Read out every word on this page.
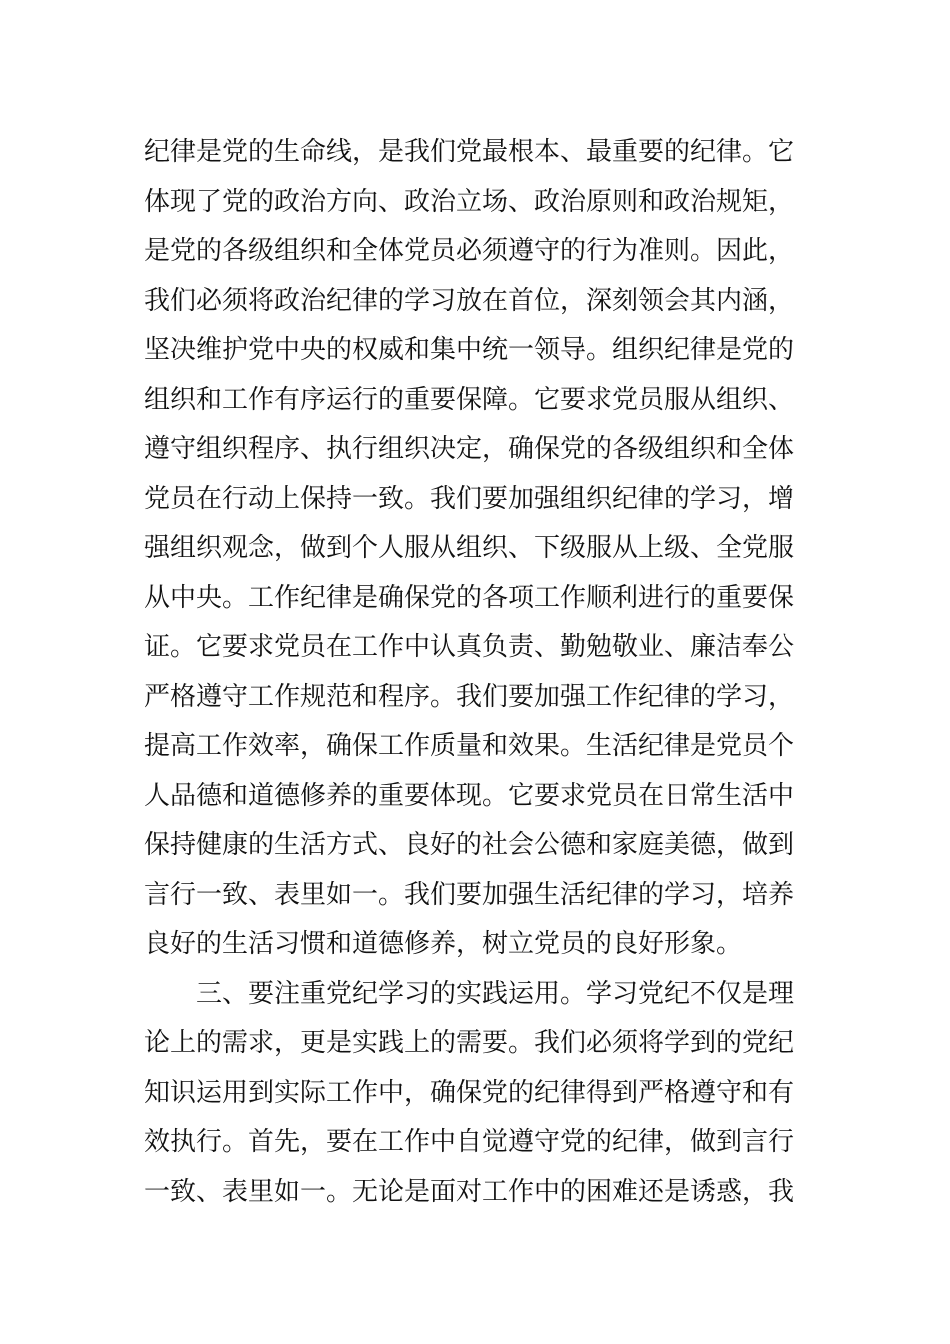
纪律是党的生命线，是我们党最根本、最重要的纪律。它
体现了党的政治方向、政治立场、政治原则和政治规矩，
是党的各级组织和全体党员必须遵守的行为准则。因此，
我们必须将政治纪律的学习放在首位，深刻领会其内涵，
坚决维护党中央的权威和集中统一领导。组织纪律是党的
组织和工作有序运行的重要保障。它要求党员服从组织、
遵守组织程序、执行组织决定，确保党的各级组织和全体
党员在行动上保持一致。我们要加强组织纪律的学习，增
强组织观念，做到个人服从组织、下级服从上级、全党服
从中央。工作纪律是确保党的各项工作顺利进行的重要保
证。它要求党员在工作中认真负责、勤勉敬业、廉洁奉公
严格遵守工作规范和程序。我们要加强工作纪律的学习，
提高工作效率，确保工作质量和效果。生活纪律是党员个
人品德和道德修养的重要体现。它要求党员在日常生活中
保持健康的生活方式、良好的社会公德和家庭美德，做到
言行一致、表里如一。我们要加强生活纪律的学习，培养
良好的生活习惯和道德修养，树立党员的良好形象。
三、要注重党纪学习的实践运用。学习党纪不仅是理
论上的需求，更是实践上的需要。我们必须将学到的党纪
知识运用到实际工作中，确保党的纪律得到严格遵守和有
效执行。首先，要在工作中自觉遵守党的纪律，做到言行
一致、表里如一。无论是面对工作中的困难还是诱惑，我
